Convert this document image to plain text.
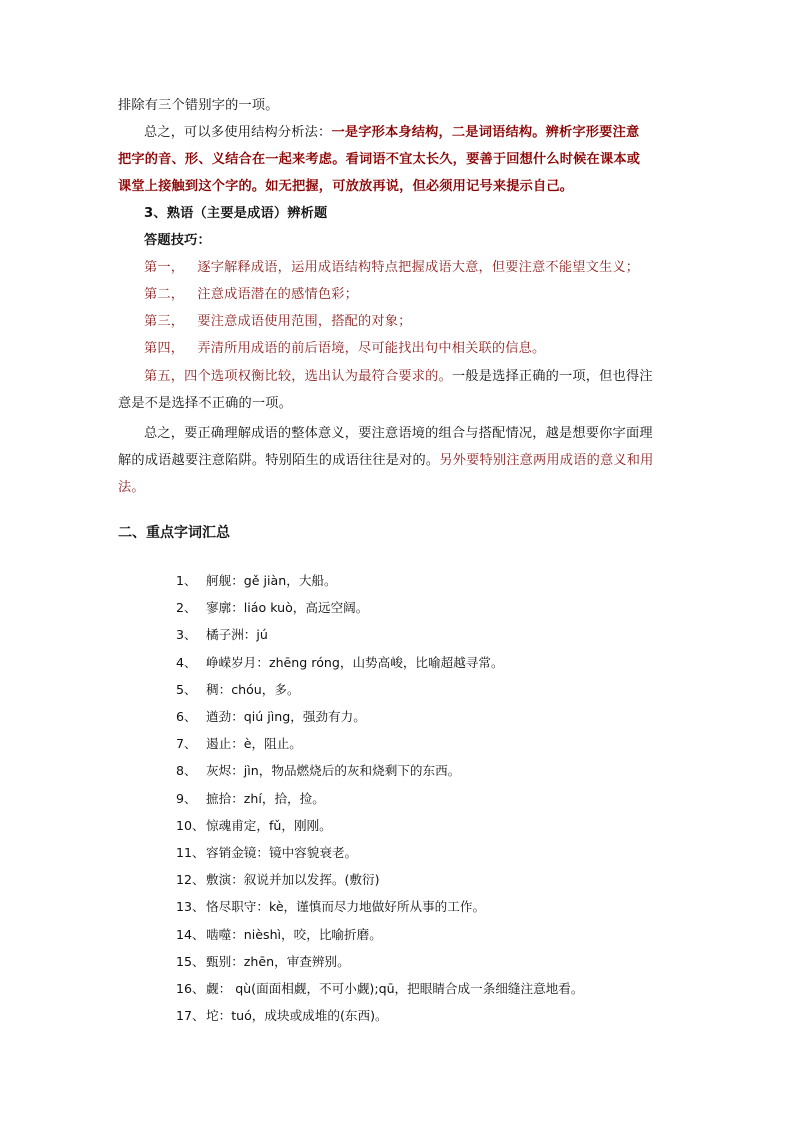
排除有三个错别字的一项。
总之，可以多使用结构分析法：一是字形本身结构，二是词语结构。辨析字形要注意
把字的音、形、义结合在一起来考虑。看词语不宜太长久，要善于回想什么时候在课本或
课堂上接触到这个字的。如无把握，可放放再说，但必须用记号来提示自己。
3、熟语（主要是成语）辨析题
答题技巧：
第一， 逐字解释成语，运用成语结构特点把握成语大意，但要注意不能望文生义；
第二， 注意成语潜在的感情色彩；
第三， 要注意成语使用范围，搭配的对象；
第四， 弄清所用成语的前后语境，尽可能找出句中相关联的信息。
第五，四个选项权衡比较，选出认为最符合要求的。一般是选择正确的一项，但也得注
意是不是选择不正确的一项。
总之，要正确理解成语的整体意义，要注意语境的组合与搭配情况，越是想要你字面理
解的成语越要注意陷阱。特别陌生的成语往往是对的。另外要特别注意两用成语的意义和用
法。
二、重点字词汇总
1、 舸舰：gě jiàn，大船。
2、 寥廓：liáo kuò，高远空阔。
3、 橘子洲：jú
4、 峥嵘岁月：zhēng róng，山势高峻，比喻超越寻常。
5、 稠：chóu，多。
6、 遒劲：qiú jìng，强劲有力。
7、 遏止：è，阻止。
8、 灰烬：jìn，物品燃烧后的灰和烧剩下的东西。
9、 摭拾：zhí，拾，捡。
10、惊魂甫定，fǔ，刚刚。
11、容销金镜：镜中容貌衰老。
12、敷演：叙说并加以发挥。(敷衍)
13、恪尽职守：kè，谨慎而尽力地做好所从事的工作。
14、啮噬：nièshì，咬，比喻折磨。
15、甄别：zhēn，审查辨别。
16、觑： qù(面面相觑，不可小觑);qū，把眼睛合成一条细缝注意地看。
17、坨：tuó，成块或成堆的(东西)。
